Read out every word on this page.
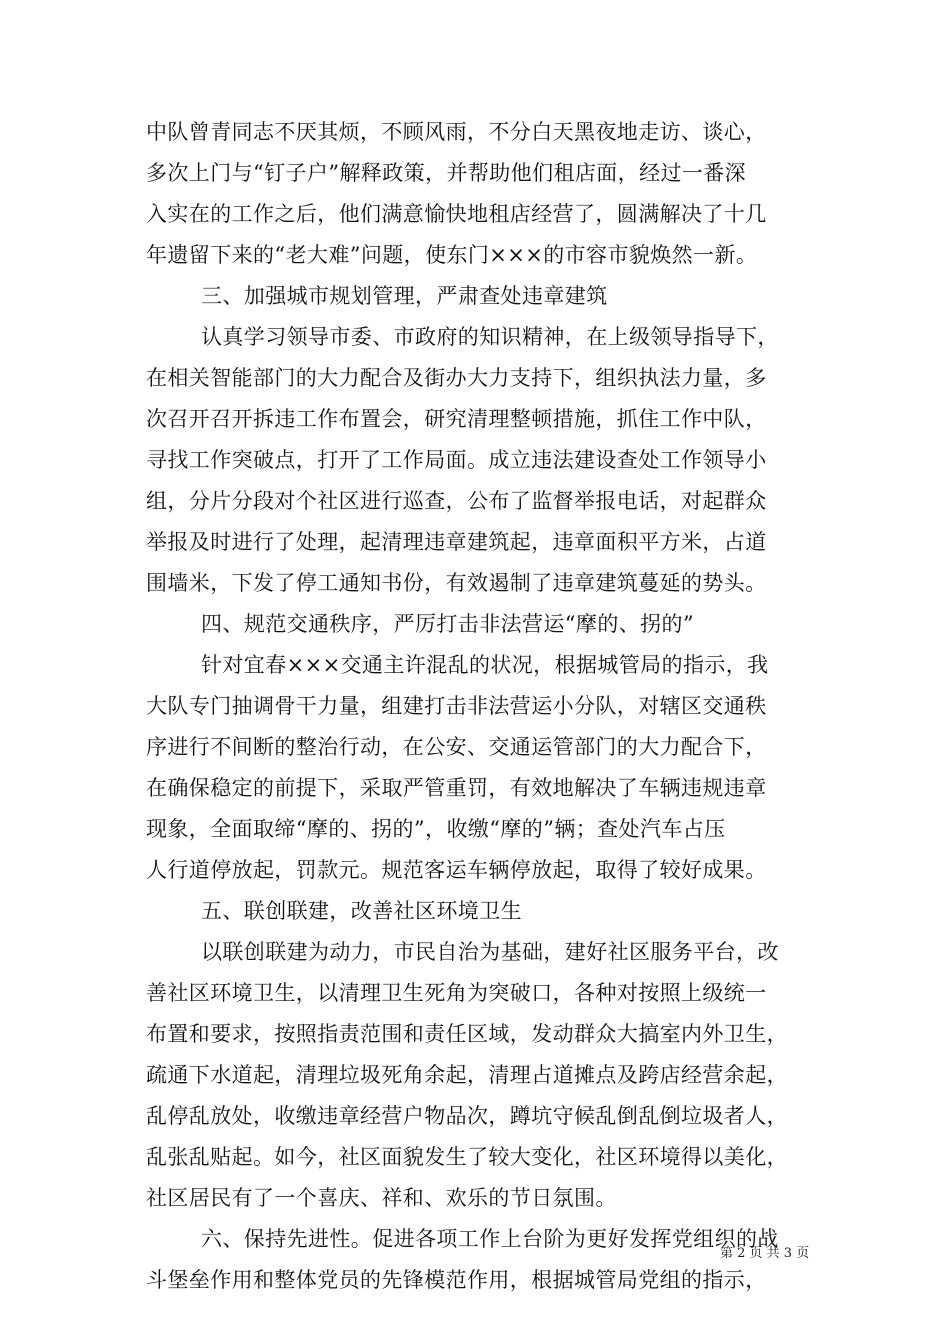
中队曾青同志不厌其烦，不顾风雨，不分白天黑夜地走访、谈心，
多次上门与“钉子户”解释政策，并帮助他们租店面，经过一番深
入实在的工作之后，他们满意愉快地租店经营了，圆满解决了十几
年遗留下来的“老大难”问题，使东门×××的市容市貌焕然一新。
三、加强城市规划管理，严肃查处违章建筑
认真学习领导市委、市政府的知识精神，在上级领导指导下，
在相关智能部门的大力配合及街办大力支持下，组织执法力量，多
次召开召开拆违工作布置会，研究清理整顿措施，抓住工作中队，
寻找工作突破点，打开了工作局面。成立违法建设查处工作领导小
组，分片分段对个社区进行巡查，公布了监督举报电话，对起群众
举报及时进行了处理，起清理违章建筑起，违章面积平方米，占道
围墙米，下发了停工通知书份，有效遏制了违章建筑蔓延的势头。
四、规范交通秩序，严厉打击非法营运“摩的、拐的”
针对宜春×××交通主许混乱的状况，根据城管局的指示，我
大队专门抽调骨干力量，组建打击非法营运小分队，对辖区交通秩
序进行不间断的整治行动，在公安、交通运管部门的大力配合下，
在确保稳定的前提下，采取严管重罚，有效地解决了车辆违规违章
现象，全面取缔“摩的、拐的”，收缴“摩的”辆；查处汽车占压
人行道停放起，罚款元。规范客运车辆停放起，取得了较好成果。
五、联创联建，改善社区环境卫生
以联创联建为动力，市民自治为基础，建好社区服务平台，改
善社区环境卫生，以清理卫生死角为突破口，各种对按照上级统一
布置和要求，按照指责范围和责任区域，发动群众大搞室内外卫生，
疏通下水道起，清理垃圾死角余起，清理占道摊点及跨店经营余起，
乱停乱放处，收缴违章经营户物品次，蹲坑守候乱倒乱倒垃圾者人，
乱张乱贴起。如今，社区面貌发生了较大变化，社区环境得以美化，
社区居民有了一个喜庆、祥和、欢乐的节日氛围。
六、保持先进性。促进各项工作上台阶为更好发挥党组织的战
斗堡垒作用和整体党员的先锋模范作用，根据城管局党组的指示，
第 2 页 共 3 页
